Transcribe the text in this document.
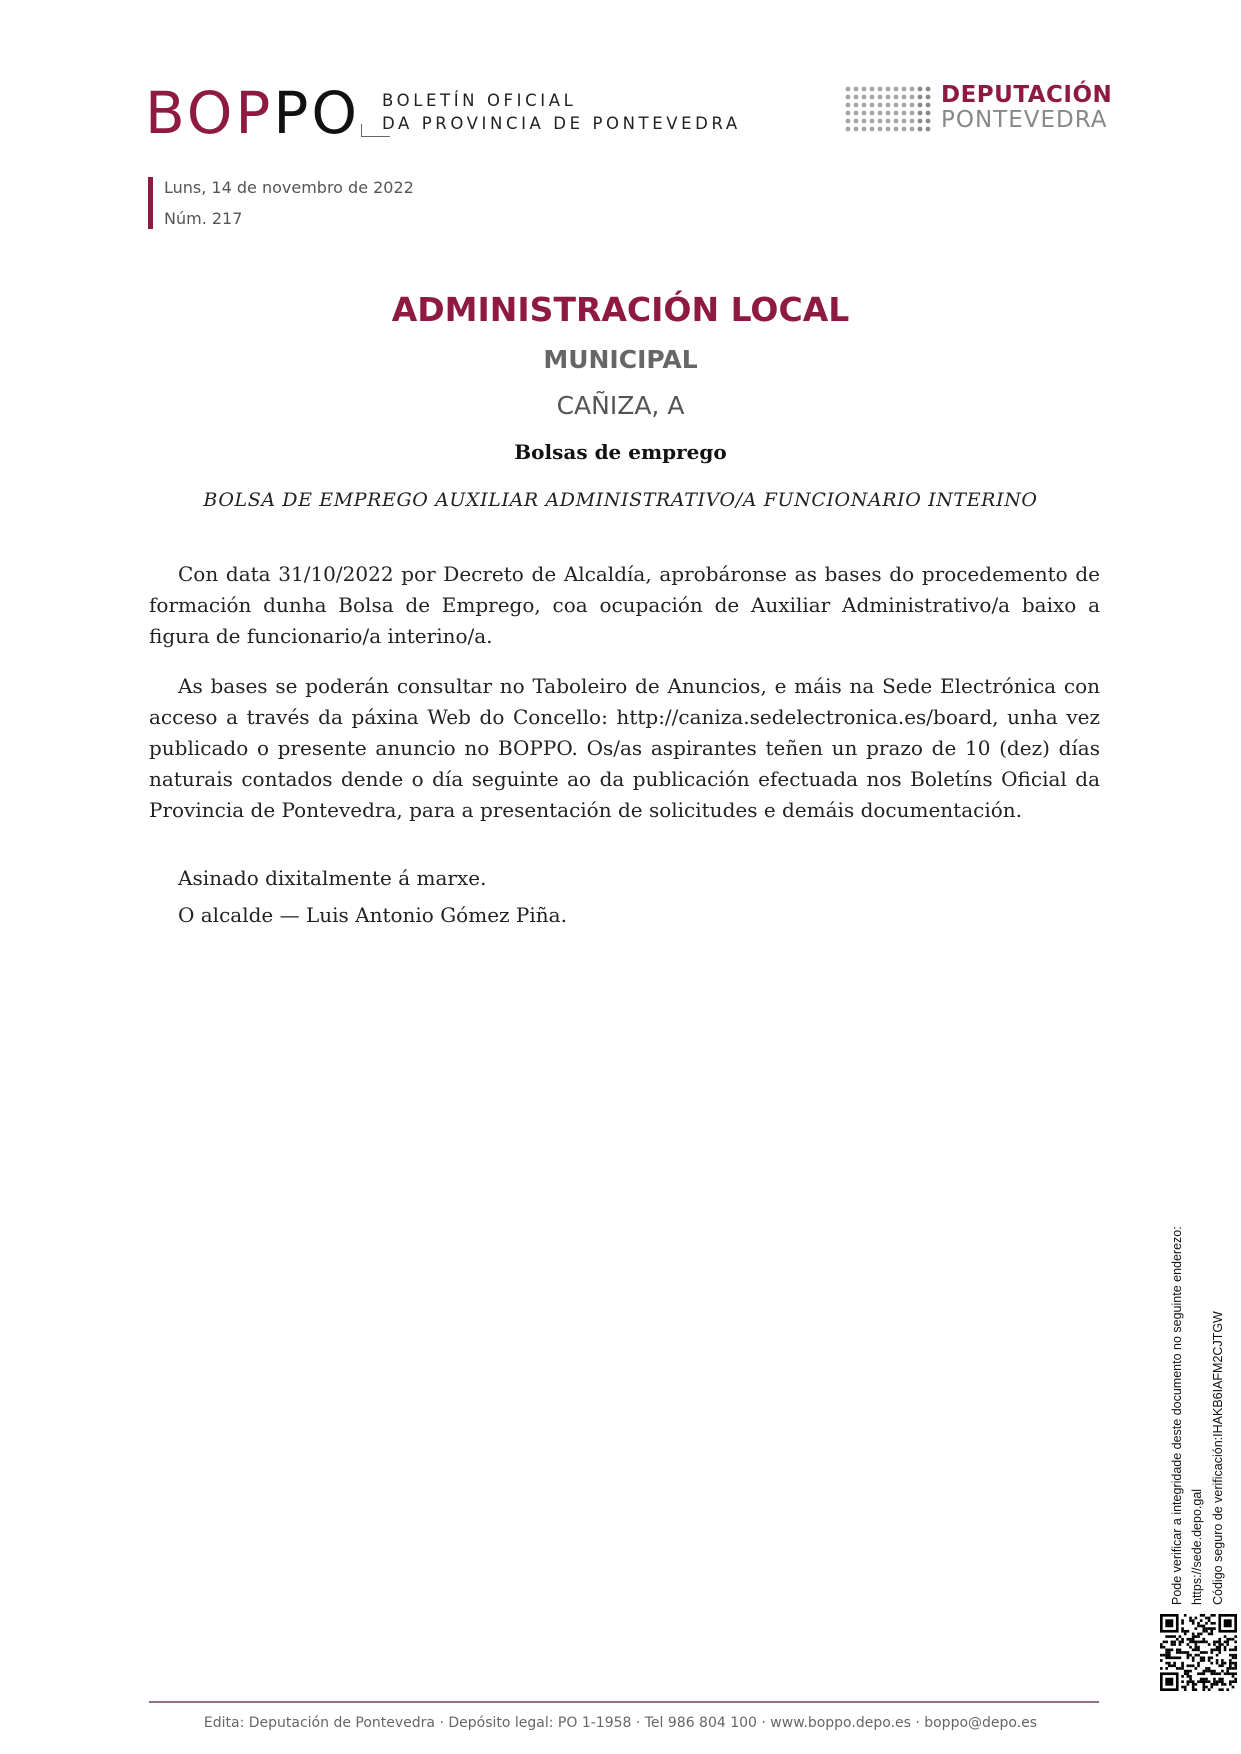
BOPPO BOLETÍN OFICIAL
DA PROVINCIA DE PONTEVEDRA
DEPUTACIÓN
PONTEVEDRA
Luns, 14 de novembro de 2022
Núm. 217
ADMINISTRACIÓN LOCAL
MUNICIPAL
CAÑIZA, A
Bolsas de emprego
BOLSA DE EMPREGO AUXILIAR ADMINISTRATIVO/A FUNCIONARIO INTERINO

Con data 31/10/2022 por Decreto de Alcaldía, aprobáronse as bases do procedemento de formación dunha Bolsa de Emprego, coa ocupación de Auxiliar Administrativo/a baixo a figura de funcionario/a interino/a.

As bases se poderán consultar no Taboleiro de Anuncios, e máis na Sede Electrónica con acceso a través da páxina Web do Concello: http://caniza.sedelectronica.es/board, unha vez publicado o presente anuncio no BOPPO. Os/as aspirantes teñen un prazo de 10 (dez) días naturais contados dende o día seguinte ao da publicación efectuada nos Boletíns Oficial da Provincia de Pontevedra, para a presentación de solicitudes e demáis documentación.

Asinado dixitalmente á marxe.
O alcalde — Luis Antonio Gómez Piña.
Pode verificar a integridade deste documento no seguinte enderezo: https://sede.depo.gal Código seguro de verificación:IHAKB6IAFM2CJTGW
Edita: Deputación de Pontevedra · Depósito legal: PO 1-1958 · Tel 986 804 100 · www.boppo.depo.es · boppo@depo.es
